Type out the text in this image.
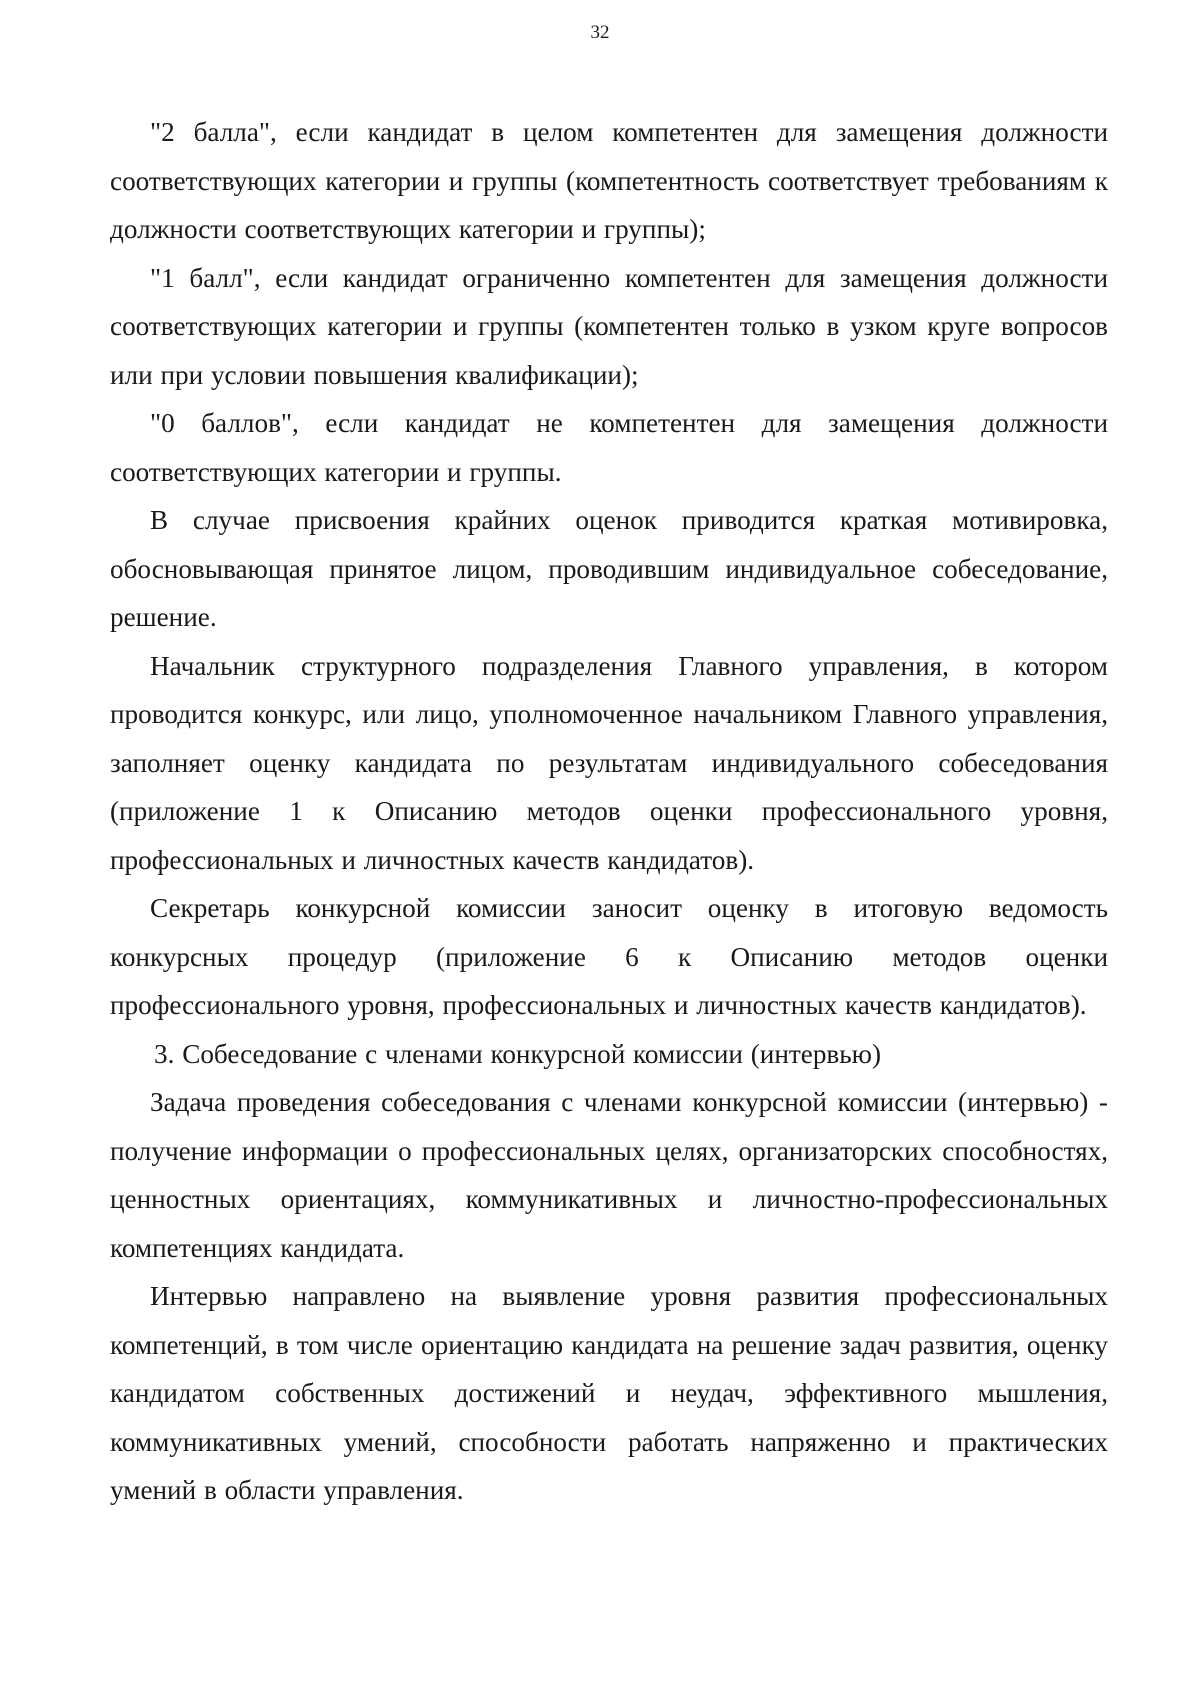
32

"2 балла", если кандидат в целом компетентен для замещения должности соответствующих категории и группы (компетентность соответствует требованиям к должности соответствующих категории и группы);

"1 балл", если кандидат ограниченно компетентен для замещения должности соответствующих категории и группы (компетентен только в узком круге вопросов или при условии повышения квалификации);

"0 баллов", если кандидат не компетентен для замещения должности соответствующих категории и группы.

В случае присвоения крайних оценок приводится краткая мотивировка, обосновывающая принятое лицом, проводившим индивидуальное собеседование, решение.

Начальник структурного подразделения Главного управления, в котором проводится конкурс, или лицо, уполномоченное начальником Главного управления, заполняет оценку кандидата по результатам индивидуального собеседования (приложение 1 к Описанию методов оценки профессионального уровня, профессиональных и личностных качеств кандидатов).

Секретарь конкурсной комиссии заносит оценку в итоговую ведомость конкурсных процедур (приложение 6 к Описанию методов оценки профессионального уровня, профессиональных и личностных качеств кандидатов).

3. Собеседование с членами конкурсной комиссии (интервью)

Задача проведения собеседования с членами конкурсной комиссии (интервью) - получение информации о профессиональных целях, организаторских способностях, ценностных ориентациях, коммуникативных и личностно-профессиональных компетенциях кандидата.

Интервью направлено на выявление уровня развития профессиональных компетенций, в том числе ориентацию кандидата на решение задач развития, оценку кандидатом собственных достижений и неудач, эффективного мышления, коммуникативных умений, способности работать напряженно и практических умений в области управления.
